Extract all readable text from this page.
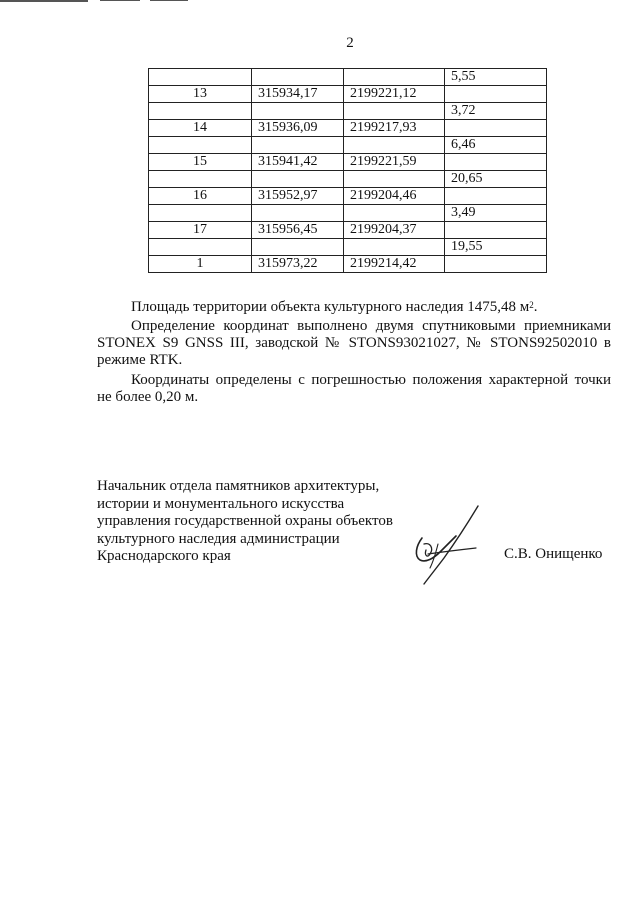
2
			5,55
13	315934,17	2199221,12	
			3,72
14	315936,09	2199217,93	
			6,46
15	315941,42	2199221,59	
			20,65
16	315952,97	2199204,46	
			3,49
17	315956,45	2199204,37	
			19,55
1	315973,22	2199214,42	
Площадь территории объекта культурного наследия 1475,48 $м^2$.
Определение координат выполнено двумя спутниковыми приемниками STONEX S9 GNSS III, заводской № STONS93021027, № STONS92502010 в режиме RTK.
Координаты определены с погрешностью положения характерной точки не более 0,20 м.
Начальник отдела памятников архитектуры,
истории и монументального искусства
управления государственной охраны объектов
культурного наследия администрации
Краснодарского края	С.В. Онищенко
